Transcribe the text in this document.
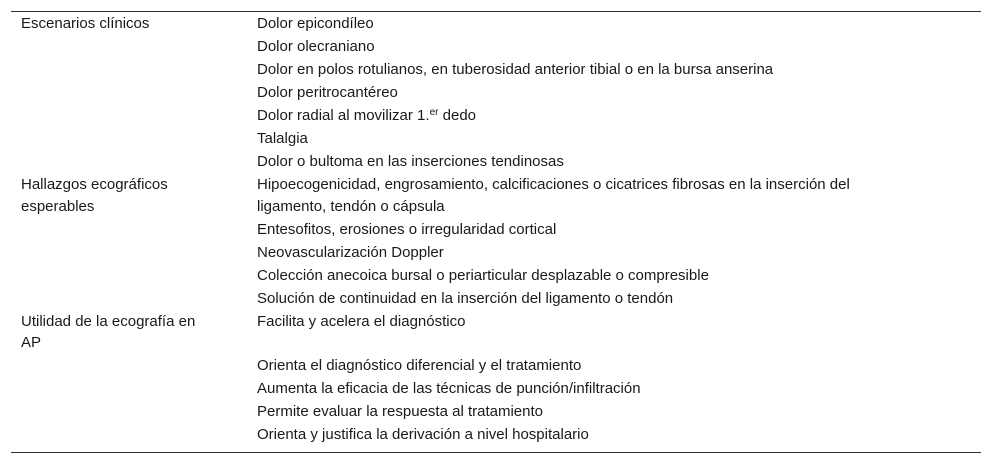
Escenarios clínicos	Dolor epicondíleo
Dolor olecraniano
Dolor en polos rotulianos, en tuberosidad anterior tibial o en la bursa anserina
Dolor peritrocantéreo
Dolor radial al movilizar 1.$^{er}$ dedo
Talalgia
Dolor o bultoma en las inserciones tendinosas
Hallazgos ecográficos
esperables
Hipoecogenicidad, engrosamiento, calcificaciones o cicatrices fibrosas en la inserción del
ligamento, tendón o cápsula
Entesofitos, erosiones o irregularidad cortical
Neovascularización Doppler
Colección anecoica bursal o periarticular desplazable o compresible
Solución de continuidad en la inserción del ligamento o tendón
Utilidad de la ecografía en
AP
Facilita y acelera el diagnóstico
Orienta el diagnóstico diferencial y el tratamiento
Aumenta la eficacia de las técnicas de punción/infiltración
Permite evaluar la respuesta al tratamiento
Orienta y justifica la derivación a nivel hospitalario
